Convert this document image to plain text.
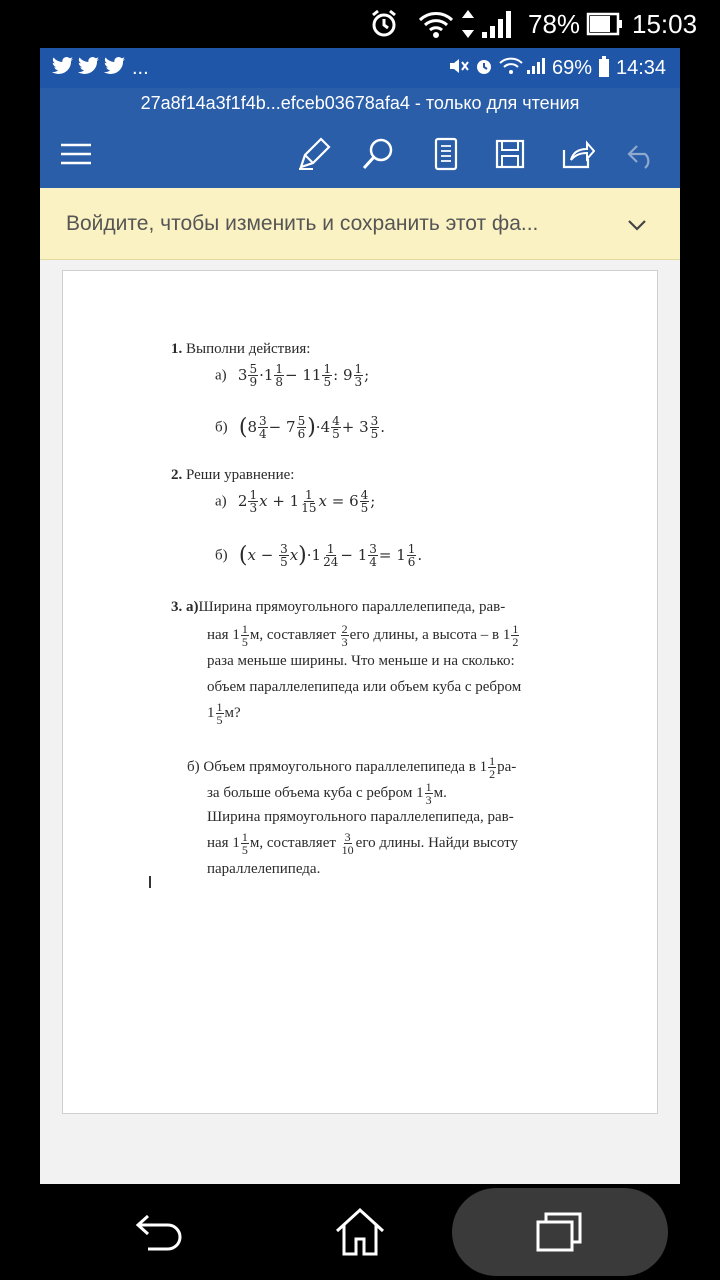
78% 15:03
...	69% 14:34
27a8f14a3f1f4b...efceb03678afa4 - только для чтения
Войдите, чтобы изменить и сохранить этот фа...
1. Выполни действия:
а) $3 \frac{5}{9} \cdot 1 \frac{1}{8} - 11 \frac{1}{5}$ : $9 \frac{1}{3}$ ;
б) $(8 \frac{3}{4} - 7 \frac{5}{6} )\cdot 4 \frac{4}{5} + 3 \frac{3}{5}$ .
2. Реши уравнение:
а) $2 \frac{1}{3}$ $x + 1 \frac{1}{15}$ $x = 6 \frac{4}{5}$ ;
б) $(x - \frac{3}{5} x)\cdot 1 \frac{1}{24} - 1 \frac{3}{4} = 1 \frac{1}{6}$ .
3. а)Ширина прямоугольного параллелепипеда, рав-
ная $1 \frac{1}{5} м$, составляет $\frac{2}{3}$ его длины, а высота – в $1 \frac{1}{2}$
раза меньше ширины. Что меньше и на сколько:
объем параллелепипеда или объем куба с ребром
$1 \frac{1}{5} м$?
б) Объем прямоугольного параллелепипеда в $1 \frac{1}{2} ра-$
за больше объема куба с ребром $1 \frac{1}{3} м$.
Ширина прямоугольного параллелепипеда, рав-
ная $1 \frac{1}{5} м$, составляет $\frac{3}{10}$ его длины. Найди высоту
параллелепипеда.
